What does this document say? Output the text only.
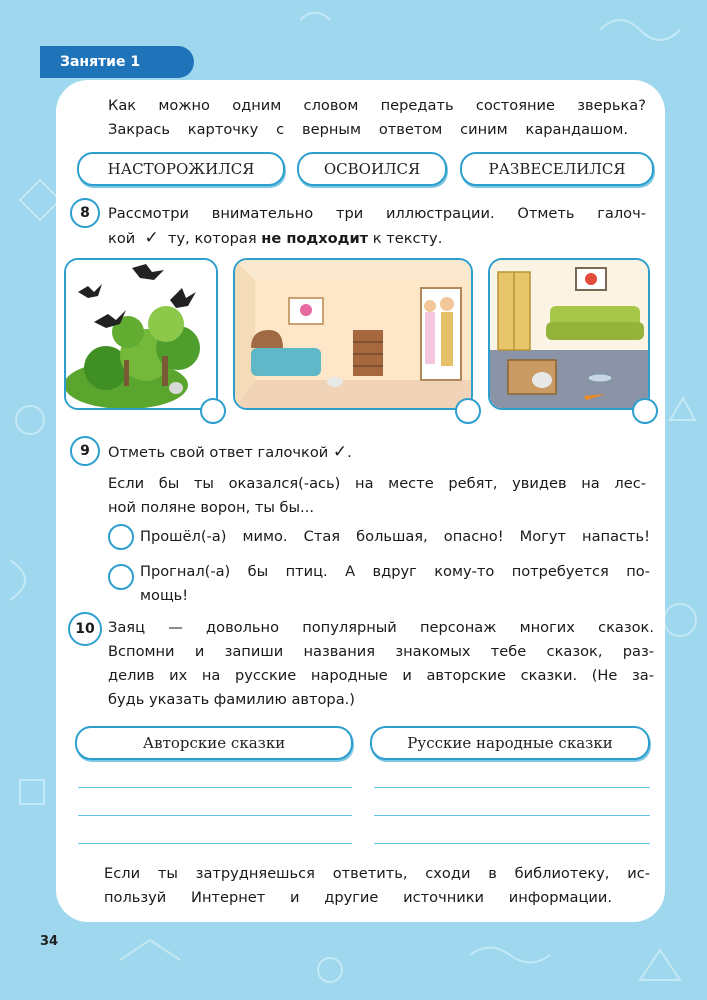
Занятие 1
Как можно одним словом передать состояние зверька?
Закрась карточку с верным ответом синим карандашом.
НАСТОРОЖИЛСЯ	ОСВОИЛСЯ	РАЗВЕСЕЛИЛСЯ
8	Рассмотри внимательно три иллюстрации. Отметь галоч-
кой ✓ ту, которая не подходит к тексту.
9	Отметь свой ответ галочкой ✓.
Если бы ты оказался(-ась) на месте ребят, увидев на лес-
ной поляне ворон, ты бы...
Прошёл(-а) мимо. Стая большая, опасно! Могут напасть!
Прогнал(-а) бы птиц. А вдруг кому-то потребуется по-
мощь!
10 Заяц — довольно популярный персонаж многих сказок.
Вспомни и запиши названия знакомых тебе сказок, раз-
делив их на русские народные и авторские сказки. (Не за-
будь указать фамилию автора.)
Авторские сказки	Русские народные сказки
Если ты затрудняешься ответить, сходи в библиотеку, ис-
пользуй Интернет и другие источники информации.
34
